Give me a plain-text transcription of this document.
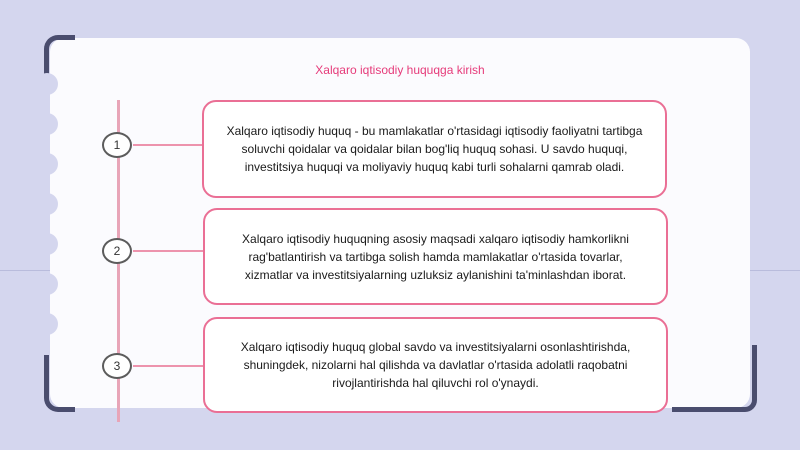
Xalqaro iqtisodiy huquqga kirish
1
Xalqaro iqtisodiy huquq - bu mamlakatlar o'rtasidagi iqtisodiy faoliyatni tartibga soluvchi qoidalar va qoidalar bilan bog'liq huquq sohasi. U savdo huquqi, investitsiya huquqi va moliyaviy huquq kabi turli sohalarni qamrab oladi.
2
Xalqaro iqtisodiy huquqning asosiy maqsadi xalqaro iqtisodiy hamkorlikni rag'batlantirish va tartibga solish hamda mamlakatlar o'rtasida tovarlar, xizmatlar va investitsiyalarning uzluksiz aylanishini ta'minlashdan iborat.
3
Xalqaro iqtisodiy huquq global savdo va investitsiyalarni osonlashtirishda, shuningdek, nizolarni hal qilishda va davlatlar o'rtasida adolatli raqobatni rivojlantirishda hal qiluvchi rol o'ynaydi.
